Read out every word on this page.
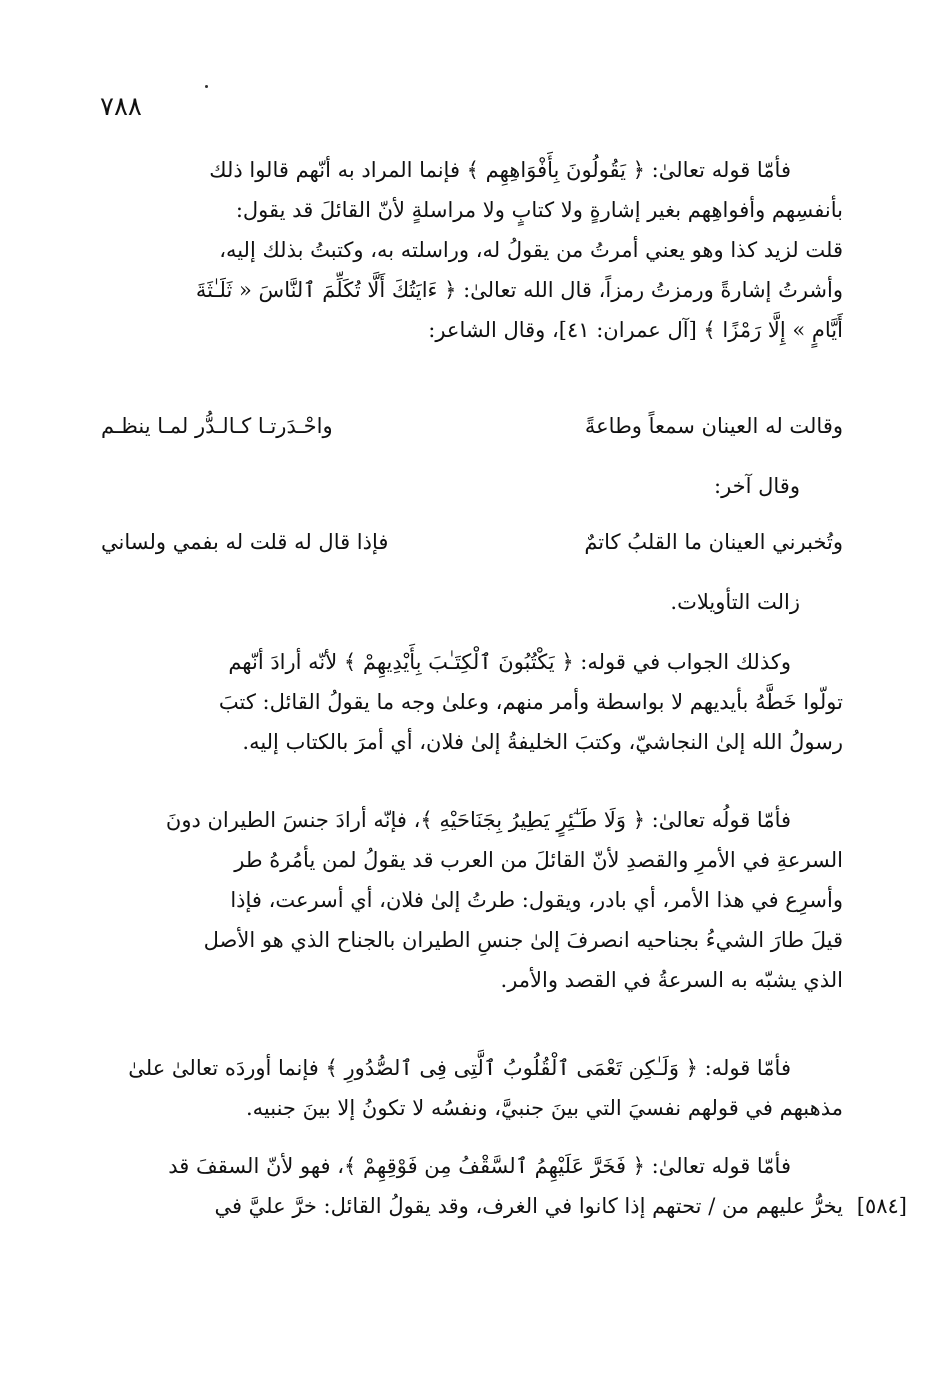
٧٨٨
فأمّا قوله تعالىٰ: ﴿ يَقُولُونَ بِأَفْوَاهِهِم ﴾ فإنما المراد به أنّهم قالوا ذلك
بأنفسِهم وأفواهِهم بغير إشارةٍ ولا كتابٍ ولا مراسلةٍ لأنّ القائلَ قد يقول:
قلت لزيد كذا وهو يعني أمرتُ من يقولُ له، وراسلته به، وكتبتُ بذلك إليه،
وأشرتُ إشارةً ورمزتُ رمزاً، قال الله تعالىٰ: ﴿ ءَايَتُكَ أَلَّا تُكَلِّمَ ٱلنَّاسَ « ثَلَـٰثَةَ
أَيَّامٍ » إِلَّا رَمْزًا ﴾ [آل عمران: ٤١]، وقال الشاعر:
وقالت له العينان سمعاً وطاعةً
واحْـدَرتـا كـالـدُّر لمـا ينظـم
وقال آخر:
وتُخبرني العينان ما القلبُ كاتمٌ
فإذا قال له قلت له بفمي ولساني
زالت التأويلات.
وكذلك الجواب في قوله: ﴿ يَكْتُبُونَ ٱلْكِتَـٰبَ بِأَيْدِيهِمْ ﴾ لأنّه أرادَ أنّهم
تولّوا خَطَّهُ بأيديهم لا بواسطة وأمر منهم، وعلىٰ وجه ما يقولُ القائل: كتبَ
رسولُ الله إلىٰ النجاشيّ، وكتبَ الخليفةُ إلىٰ فلان، أي أمرَ بالكتاب إليه.
فأمّا قولُه تعالىٰ: ﴿ وَلَا طَـٰٓئِرٍ يَطِيرُ بِجَنَاحَيْهِ ﴾، فإنّه أرادَ جنسَ الطيران دونَ
السرعةِ في الأمرِ والقصدِ لأنّ القائلَ من العرب قد يقولُ لمن يأمُرهُ طر
وأسرِع في هذا الأمر، أي بادر، ويقول: طرتُ إلىٰ فلان، أي أسرعت، فإذا
قيلَ طارَ الشيءُ بجناحيه انصرفَ إلىٰ جنسِ الطيران بالجناح الذي هو الأصل
الذي يشبّه به السرعةُ في القصد والأمر.
فأمّا قوله: ﴿ وَلَـٰكِن تَعْمَى ٱلْقُلُوبُ ٱلَّتِى فِى ٱلصُّدُورِ ﴾ فإنما أوردَه تعالىٰ علىٰ
مذهبهم في قولهم نفسيَ التي بينَ جنبيَّ، ونفسُه لا تكونُ إلا بينَ جنبيه.
فأمّا قوله تعالىٰ: ﴿ فَخَرَّ عَلَيْهِمُ ٱلسَّقْفُ مِن فَوْقِهِمْ ﴾، فهو لأنّ السقفَ قد
يخرُّ عليهم من / تحتهم إذا كانوا في الغرف، وقد يقولُ القائل: خرَّ عليَّ في [٥٨٤]
